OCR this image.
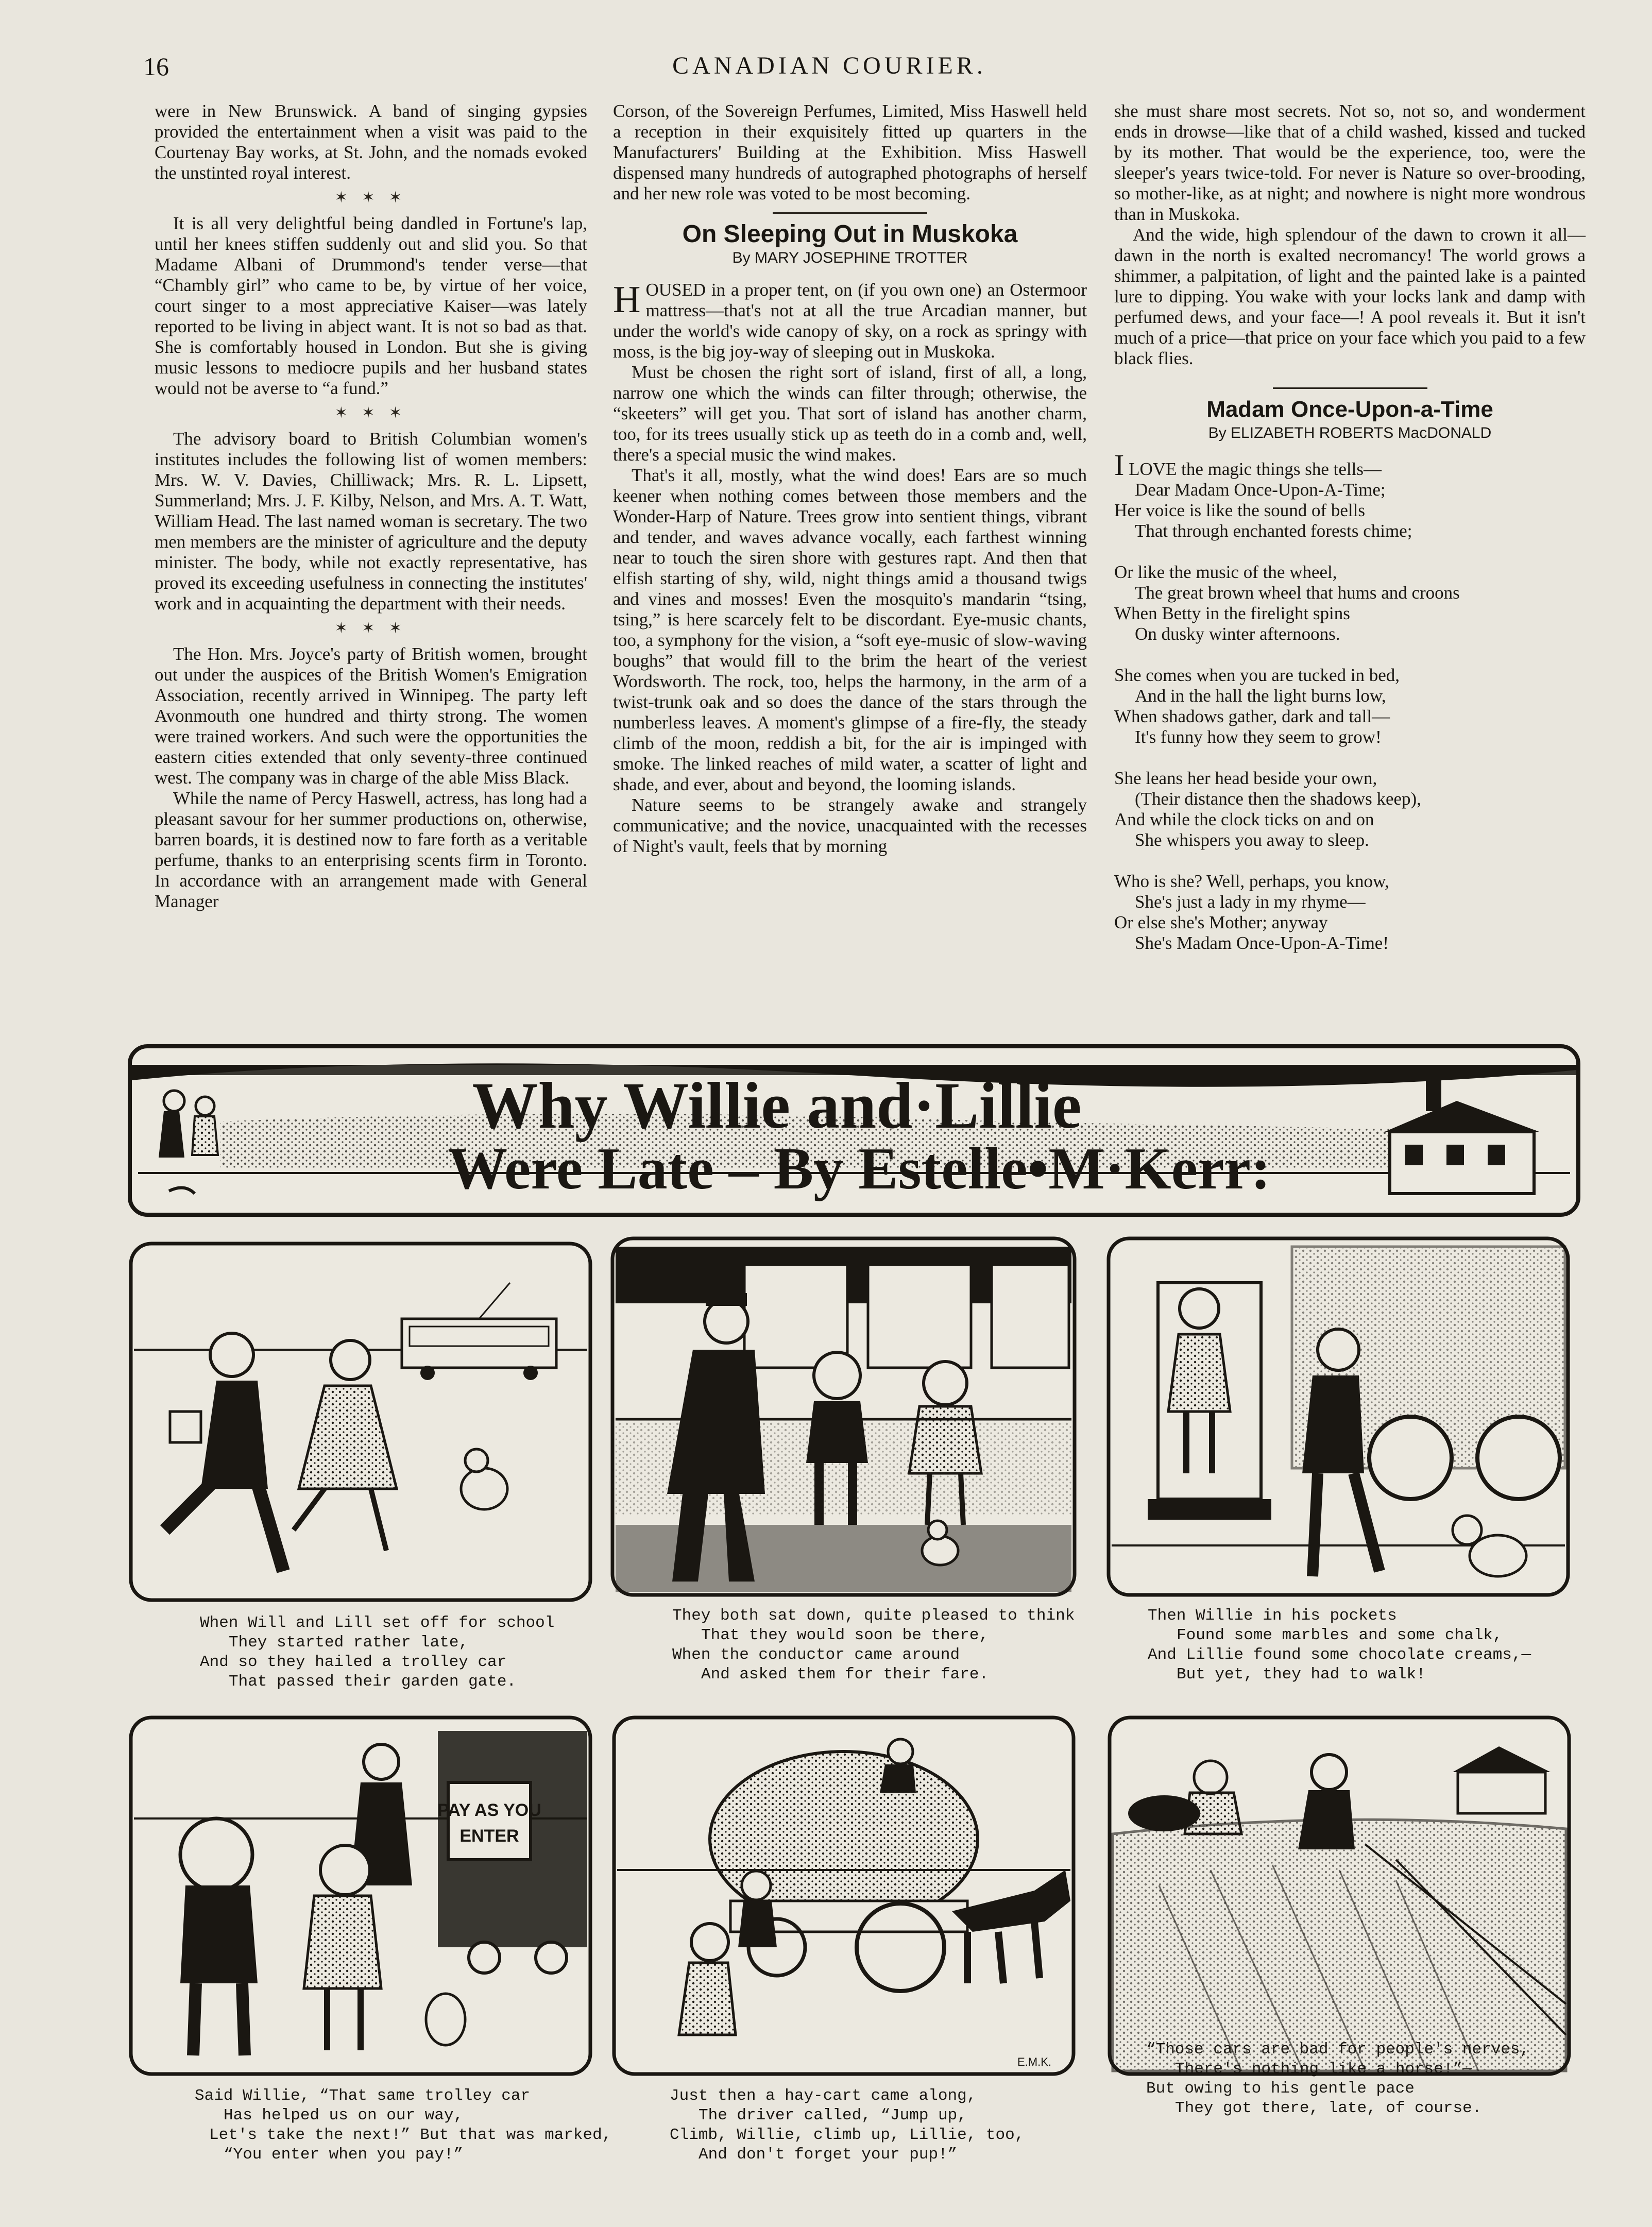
16	CANADIAN COURIER.

were in New Brunswick. A band of singing gypsies provided the entertainment when a visit was paid to the Courtenay Bay works, at St. John, and the nomads evoked the unstinted royal interest.

✶ ✶ ✶

It is all very delightful being dandled in Fortune's lap, until her knees stiffen suddenly out and slid you. So that Madame Albani of Drummond's tender verse—that “Chambly girl” who came to be, by virtue of her voice, court singer to a most appreciative Kaiser—was lately reported to be living in abject want. It is not so bad as that. She is comfortably housed in London. But she is giving music lessons to mediocre pupils and her husband states would not be averse to “a fund.”

✶ ✶ ✶

The advisory board to British Columbian women's institutes includes the following list of women members: Mrs. W. V. Davies, Chilliwack; Mrs. R. L. Lipsett, Summerland; Mrs. J. F. Kilby, Nelson, and Mrs. A. T. Watt, William Head. The last named woman is secretary. The two men members are the minister of agriculture and the deputy minister. The body, while not exactly representative, has proved its exceeding usefulness in connecting the institutes' work and in acquainting the department with their needs.

✶ ✶ ✶

The Hon. Mrs. Joyce's party of British women, brought out under the auspices of the British Women's Emigration Association, recently arrived in Winnipeg. The party left Avonmouth one hundred and thirty strong. The women were trained workers. And such were the opportunities the eastern cities extended that only seventy-three continued west. The company was in charge of the able Miss Black.

While the name of Percy Haswell, actress, has long had a pleasant savour for her summer productions on, otherwise, barren boards, it is destined now to fare forth as a veritable perfume, thanks to an enterprising scents firm in Toronto. In accordance with an arrangement made with General Manager

Corson, of the Sovereign Perfumes, Limited, Miss Haswell held a reception in their exquisitely fitted up quarters in the Manufacturers' Building at the Exhibition. Miss Haswell dispensed many hundreds of autographed photographs of herself and her new role was voted to be most becoming.

On Sleeping Out in Muskoka
By MARY JOSEPHINE TROTTER

HOUSED in a proper tent, on (if you own one) an Ostermoor mattress—that's not at all the true Arcadian manner, but under the world's wide canopy of sky, on a rock as springy with moss, is the big joy-way of sleeping out in Muskoka.

Must be chosen the right sort of island, first of all, a long, narrow one which the winds can filter through; otherwise, the “skeeters” will get you. That sort of island has another charm, too, for its trees usually stick up as teeth do in a comb and, well, there's a special music the wind makes.

That's it all, mostly, what the wind does! Ears are so much keener when nothing comes between those members and the Wonder-Harp of Nature. Trees grow into sentient things, vibrant and tender, and waves advance vocally, each farthest winning near to touch the siren shore with gestures rapt. And then that elfish starting of shy, wild, night things amid a thousand twigs and vines and mosses! Even the mosquito's mandarin “tsing, tsing,” is here scarcely felt to be discordant. Eye-music chants, too, a symphony for the vision, a “soft eye-music of slow-waving boughs” that would fill to the brim the heart of the veriest Wordsworth. The rock, too, helps the harmony, in the arm of a twist-trunk oak and so does the dance of the stars through the numberless leaves. A moment's glimpse of a fire-fly, the steady climb of the moon, reddish a bit, for the air is impinged with smoke. The linked reaches of mild water, a scatter of light and shade, and ever, about and beyond, the looming islands.

Nature seems to be strangely awake and strangely communicative; and the novice, unacquainted with the recesses of Night's vault, feels that by morning

she must share most secrets. Not so, not so, and wonderment ends in drowse—like that of a child washed, kissed and tucked by its mother. That would be the experience, too, were the sleeper's years twice-told. For never is Nature so over-brooding, so mother-like, as at night; and nowhere is night more wondrous than in Muskoka.

And the wide, high splendour of the dawn to crown it all—dawn in the north is exalted necromancy! The world grows a shimmer, a palpitation, of light and the painted lake is a painted lure to dipping. You wake with your locks lank and damp with perfumed dews, and your face—! A pool reveals it. But it isn't much of a price—that price on your face which you paid to a few black flies.

Madam Once-Upon-a-Time
By ELIZABETH ROBERTS MacDONALD
I LOVE the magic things she tells—
Dear Madam Once-Upon-A-Time;
Her voice is like the sound of bells
That through enchanted forests chime;
Or like the music of the wheel,
The great brown wheel that hums and croons
When Betty in the firelight spins
On dusky winter afternoons.
She comes when you are tucked in bed,
And in the hall the light burns low,
When shadows gather, dark and tall—
It's funny how they seem to grow!
She leans her head beside your own,
(Their distance then the shadows keep),
And while the clock ticks on and on
She whispers you away to sleep.
Who is she? Well, perhaps, you know,
She's just a lady in my rhyme—
Or else she's Mother; anyway
She's Madam Once-Upon-A-Time!
Why Willie and·Lillie
Were Late – By Estelle•M·Kerr:
When Will and Lill set off for school
They started rather late,
And so they hailed a trolley car
That passed their garden gate.
They both sat down, quite pleased to think
That they would soon be there,
When the conductor came around
And asked them for their fare.
Then Willie in his pockets
Found some marbles and some chalk,
And Lillie found some chocolate creams,—
But yet, they had to walk!
PAY AS YOU
ENTER
Said Willie, “That same trolley car
Has helped us on our way,
Let's take the next!” But that was marked,
“You enter when you pay!”
E.M.K.
Just then a hay-cart came along,
The driver called, “Jump up,
Climb, Willie, climb up, Lillie, too,
And don't forget your pup!”
“Those cars are bad for people's nerves,
There's nothing like a horse!”—
But owing to his gentle pace
They got there, late, of course.
